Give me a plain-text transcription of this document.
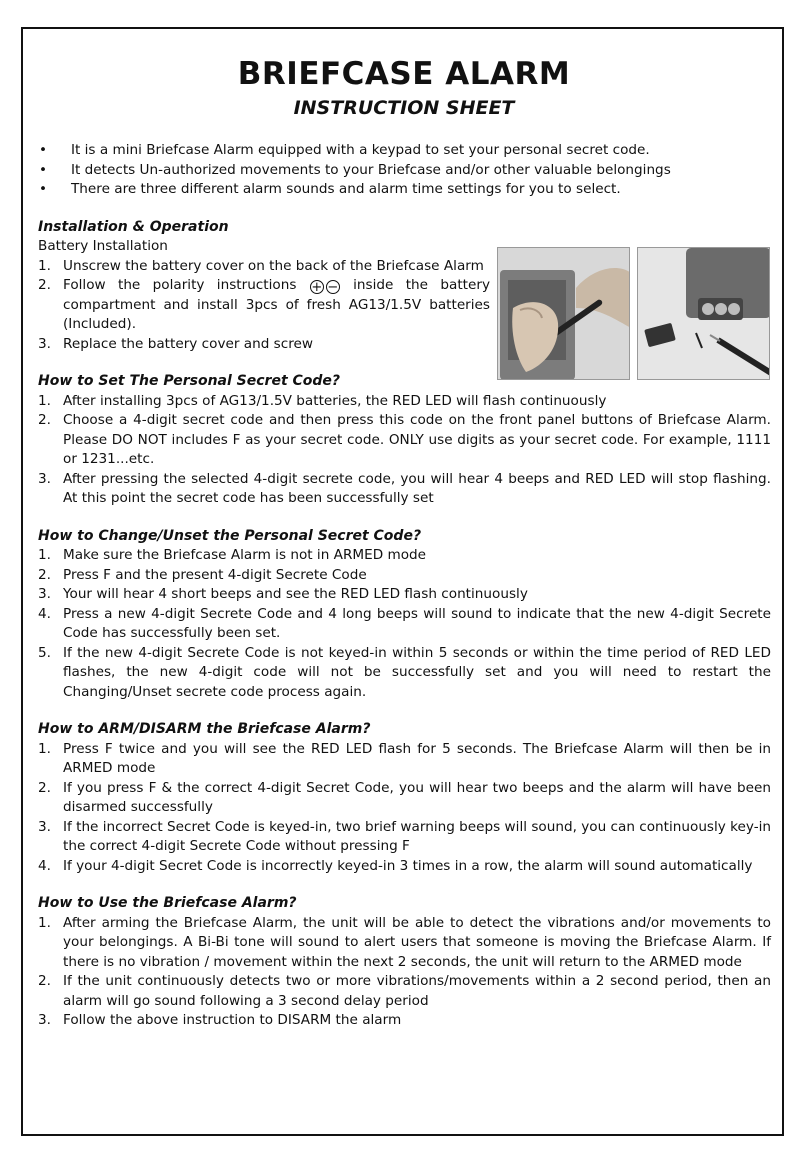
BRIEFCASE ALARM
INSTRUCTION SHEET
• It is a mini Briefcase Alarm equipped with a keypad to set your personal secret code.
• It detects Un-authorized movements to your Briefcase and/or other valuable belongings
• There are three different alarm sounds and alarm time settings for you to select.

Installation & Operation

Battery Installation

1. Unscrew the battery cover on the back of the Briefcase Alarm
2. Follow the polarity instructions + − inside the battery compartment and install 3pcs of fresh AG13/1.5V batteries (Included).
3. Replace the battery cover and screw

How to Set The Personal Secret Code?

1. After installing 3pcs of AG13/1.5V batteries, the RED LED will flash continuously
2. Choose a 4-digit secret code and then press this code on the front panel buttons of Briefcase Alarm. Please DO NOT includes F as your secret code. ONLY use digits as your secret code. For example, 1111 or 1231...etc.
3. After pressing the selected 4-digit secrete code, you will hear 4 beeps and RED LED will stop flashing. At this point the secret code has been successfully set

How to Change/Unset the Personal Secret Code?

1. Make sure the Briefcase Alarm is not in ARMED mode
2. Press F and the present 4-digit Secrete Code
3. Your will hear 4 short beeps and see the RED LED flash continuously
4. Press a new 4-digit Secrete Code and 4 long beeps will sound to indicate that the new 4-digit Secrete Code has successfully been set.
5. If the new 4-digit Secrete Code is not keyed-in within 5 seconds or within the time period of RED LED flashes, the new 4-digit code will not be successfully set and you will need to restart the Changing/Unset secrete code process again.

How to ARM/DISARM the Briefcase Alarm?

1. Press F twice and you will see the RED LED flash for 5 seconds. The Briefcase Alarm will then be in ARMED mode
2. If you press F & the correct 4-digit Secret Code, you will hear two beeps and the alarm will have been disarmed successfully
3. If the incorrect Secret Code is keyed-in, two brief warning beeps will sound, you can continuously key-in the correct 4-digit Secrete Code without pressing F
4. If your 4-digit Secret Code is incorrectly keyed-in 3 times in a row, the alarm will sound automatically

How to Use the Briefcase Alarm?

1. After arming the Briefcase Alarm, the unit will be able to detect the vibrations and/or movements to your belongings. A Bi-Bi tone will sound to alert users that someone is moving the Briefcase Alarm. If there is no vibration / movement within the next 2 seconds, the unit will return to the ARMED mode
2. If the unit continuously detects two or more vibrations/movements within a 2 second period, then an alarm will go sound following a 3 second delay period
3. Follow the above instruction to DISARM the alarm
